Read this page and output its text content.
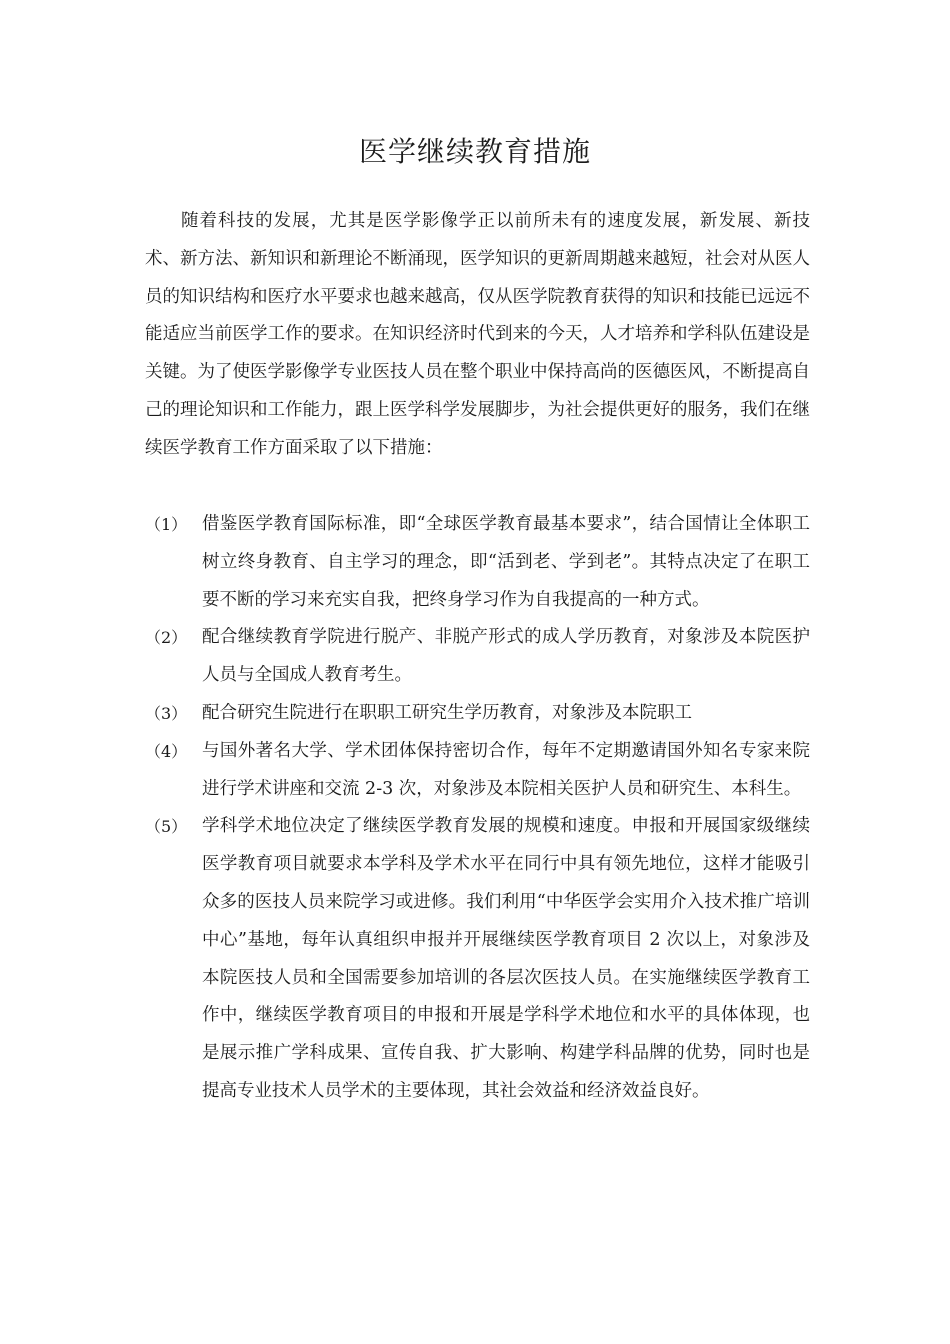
医学继续教育措施

随着科技的发展，尤其是医学影像学正以前所未有的速度发展，新发展、新技术、新方法、新知识和新理论不断涌现，医学知识的更新周期越来越短，社会对从医人员的知识结构和医疗水平要求也越来越高，仅从医学院教育获得的知识和技能已远远不能适应当前医学工作的要求。在知识经济时代到来的今天，人才培养和学科队伍建设是关键。为了使医学影像学专业医技人员在整个职业中保持高尚的医德医风，不断提高自己的理论知识和工作能力，跟上医学科学发展脚步，为社会提供更好的服务，我们在继续医学教育工作方面采取了以下措施：

（1） 借鉴医学教育国际标准，即“全球医学教育最基本要求”，结合国情让全体职工树立终身教育、自主学习的理念，即“活到老、学到老”。其特点决定了在职工要不断的学习来充实自我，把终身学习作为自我提高的一种方式。
（2） 配合继续教育学院进行脱产、非脱产形式的成人学历教育，对象涉及本院医护人员与全国成人教育考生。
（3） 配合研究生院进行在职职工研究生学历教育，对象涉及本院职工
（4） 与国外著名大学、学术团体保持密切合作，每年不定期邀请国外知名专家来院进行学术讲座和交流 2-3 次，对象涉及本院相关医护人员和研究生、本科生。
（5） 学科学术地位决定了继续医学教育发展的规模和速度。申报和开展国家级继续医学教育项目就要求本学科及学术水平在同行中具有领先地位，这样才能吸引众多的医技人员来院学习或进修。我们利用“中华医学会实用介入技术推广培训中心”基地，每年认真组织申报并开展继续医学教育项目 2 次以上，对象涉及本院医技人员和全国需要参加培训的各层次医技人员。在实施继续医学教育工作中，继续医学教育项目的申报和开展是学科学术地位和水平的具体体现，也是展示推广学科成果、宣传自我、扩大影响、构建学科品牌的优势，同时也是提高专业技术人员学术的主要体现，其社会效益和经济效益良好。
